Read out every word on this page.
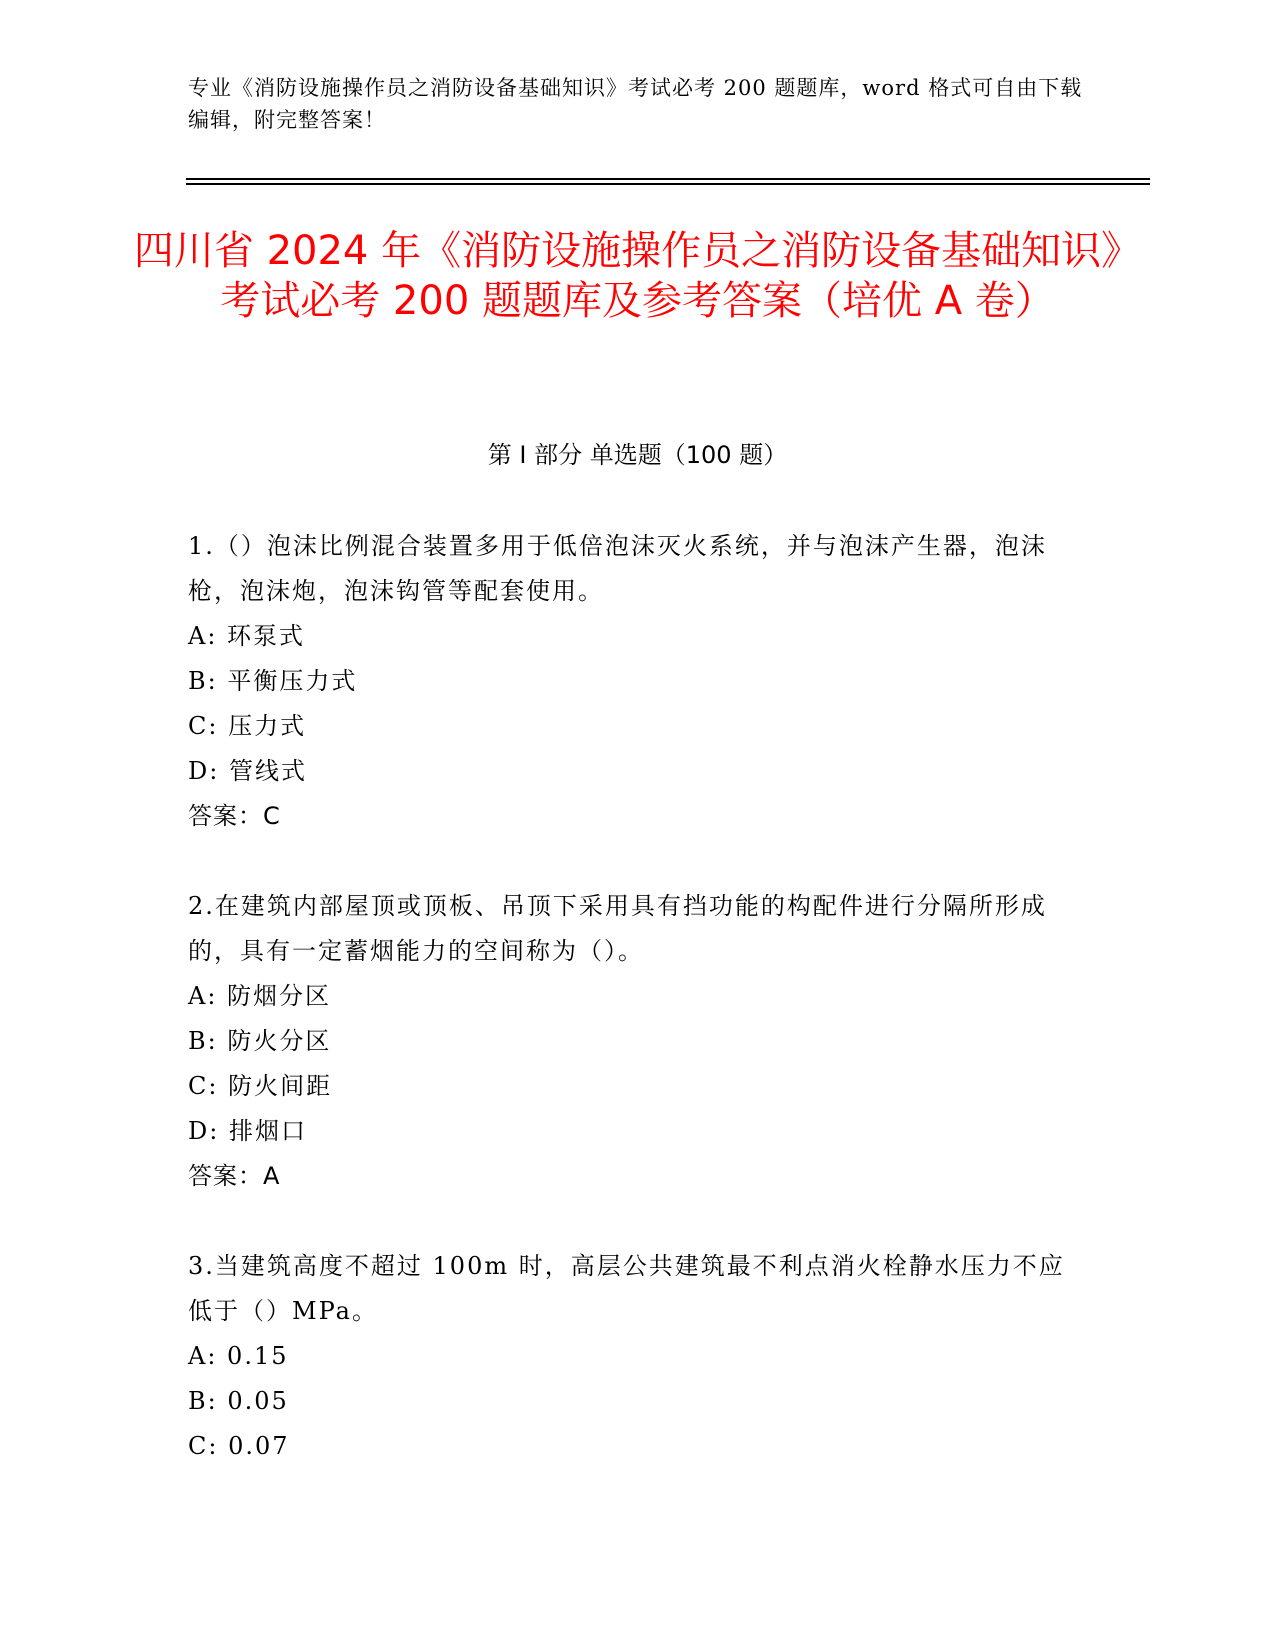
专业《消防设施操作员之消防设备基础知识》考试必考 200 题题库，word 格式可自由下载编辑，附完整答案！
四川省 2024 年《消防设施操作员之消防设备基础知识》考试必考 200 题题库及参考答案（培优 A 卷）
第 I 部分 单选题（100 题）

1.（）泡沫比例混合装置多用于低倍泡沫灭火系统，并与泡沫产生器，泡沫枪，泡沫炮，泡沫钩管等配套使用。

A: 环泵式

B: 平衡压力式

C: 压力式

D: 管线式

答案：C

2.在建筑内部屋顶或顶板、吊顶下采用具有挡功能的构配件进行分隔所形成的，具有一定蓄烟能力的空间称为（）。

A: 防烟分区

B: 防火分区

C: 防火间距

D: 排烟口

答案：A

3.当建筑高度不超过 100m 时，高层公共建筑最不利点消火栓静水压力不应低于（）MPa。

A: 0.15

B: 0.05

C: 0.07
